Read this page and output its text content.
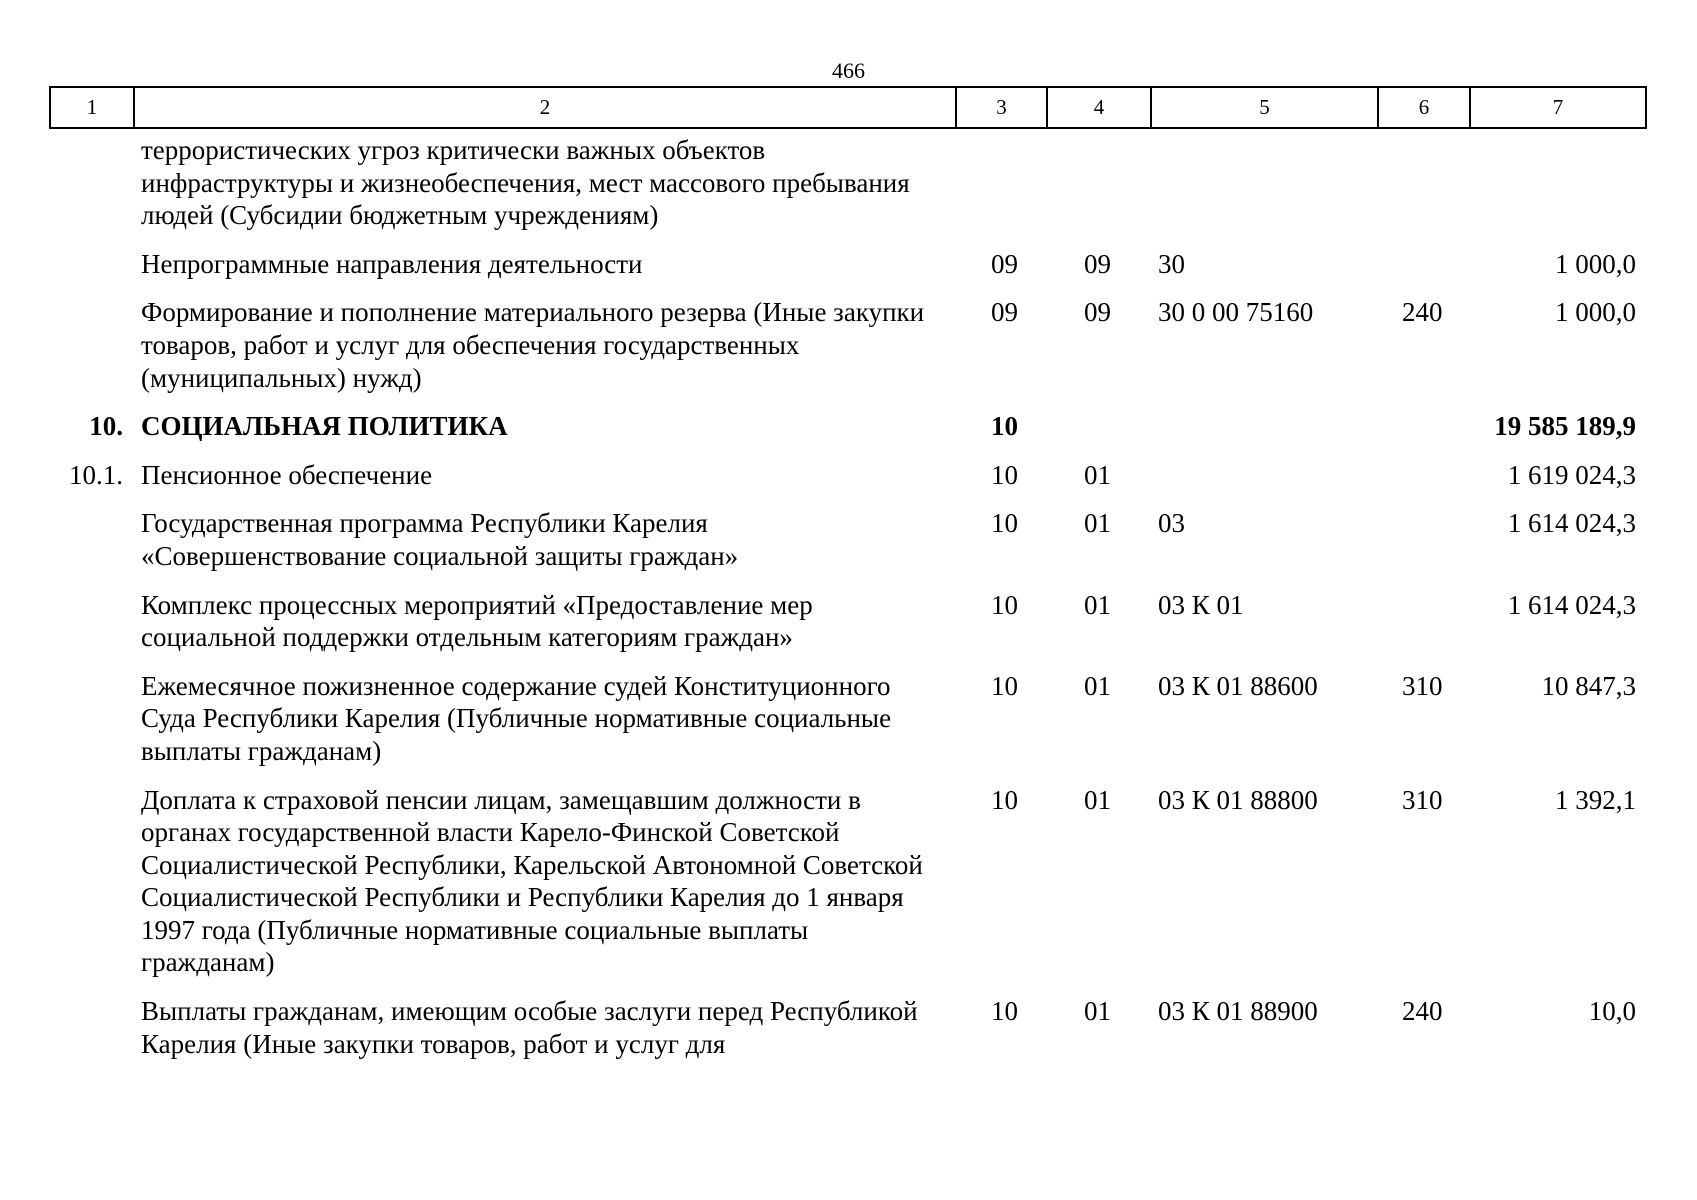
466
1	2	3	4	5	6	7
	террористических угроз критически важных объектов инфраструктуры и жизнеобеспечения, мест массового пребывания людей (Субсидии бюджетным учреждениям)					
	Непрограммные направления деятельности	09	09	30		1 000,0
	Формирование и пополнение материального резерва (Иные закупки товаров, работ и услуг для обеспечения государственных (муниципальных) нужд)	09	09	30 0 00 75160	240	1 000,0
10.	СОЦИАЛЬНАЯ ПОЛИТИКА	10				19 585 189,9
10.1.	Пенсионное обеспечение	10	01			1 619 024,3
	Государственная программа Республики Карелия «Совершенствование социальной защиты граждан»	10	01	03		1 614 024,3
	Комплекс процессных мероприятий «Предоставление мер социальной поддержки отдельным категориям граждан»	10	01	03 К 01		1 614 024,3
	Ежемесячное пожизненное содержание судей Конституционного Суда Республики Карелия (Публичные нормативные социальные выплаты гражданам)	10	01	03 К 01 88600	310	10 847,3
	Доплата к страховой пенсии лицам, замещавшим должности в органах государственной власти Карело-Финской Советской Социалистической Республики, Карельской Автономной Советской Социалистической Республики и Республики Карелия до 1 января 1997 года (Публичные нормативные социальные выплаты гражданам)	10	01	03 К 01 88800	310	1 392,1
	Выплаты гражданам, имеющим особые заслуги перед Республикой Карелия (Иные закупки товаров, работ и услуг для	10	01	03 К 01 88900	240	10,0
